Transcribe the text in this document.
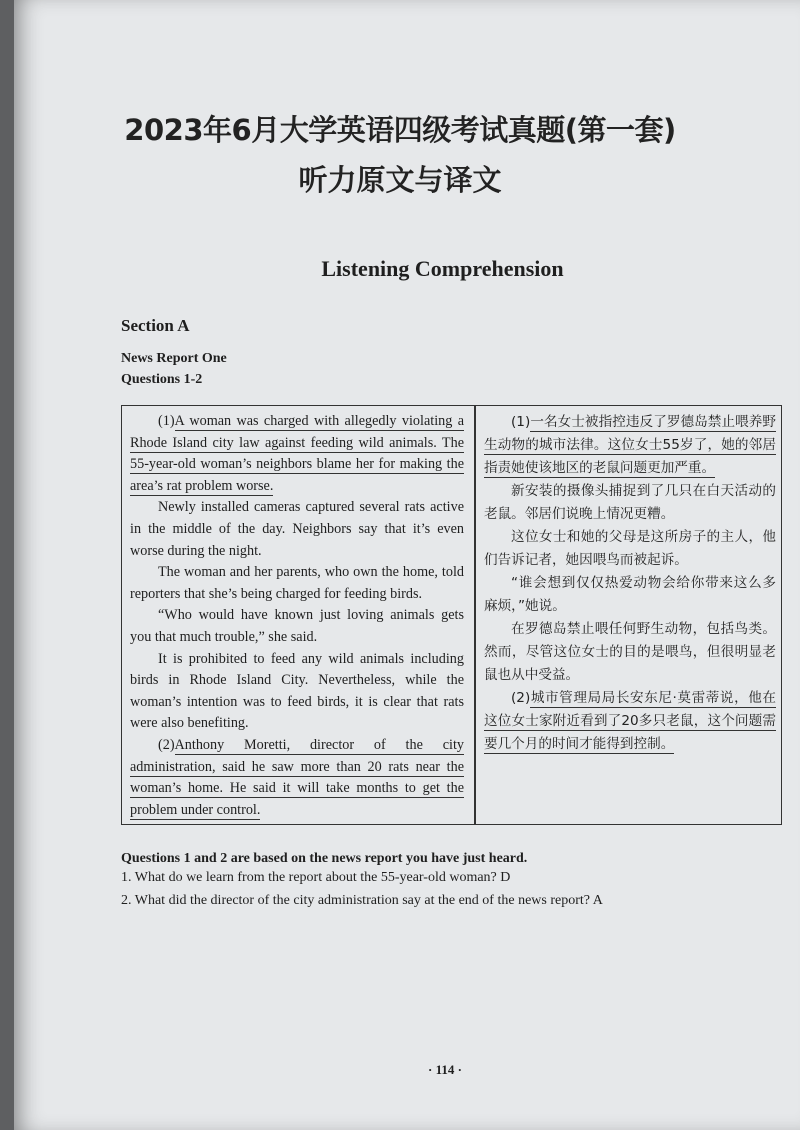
2023年6月大学英语四级考试真题(第一套)
听力原文与译文
Listening Comprehension
Section A
News Report One
Questions 1-2

(1)A woman was charged with allegedly violating a Rhode Island city law against feeding wild animals. The 55-year-old woman’s neighbors blame her for making the area’s rat problem worse.

Newly installed cameras captured several rats active in the middle of the day. Neighbors say that it’s even worse during the night.

The woman and her parents, who own the home, told reporters that she’s being charged for feeding birds.

“Who would have known just loving animals gets you that much trouble,” she said.

It is prohibited to feed any wild animals including birds in Rhode Island City. Nevertheless, while the woman’s intention was to feed birds, it is clear that rats were also benefiting.

(2)Anthony Moretti, director of the city administration, said he saw more than 20 rats near the woman’s home. He said it will take months to get the problem under control.

(1)一名女士被指控违反了罗德岛禁止喂养野生动物的城市法律。这位女士55岁了，她的邻居指责她使该地区的老鼠问题更加严重。

新安装的摄像头捕捉到了几只在白天活动的老鼠。邻居们说晚上情况更糟。

这位女士和她的父母是这所房子的主人，他们告诉记者，她因喂鸟而被起诉。

“谁会想到仅仅热爱动物会给你带来这么多麻烦，”她说。

在罗德岛禁止喂任何野生动物，包括鸟类。然而，尽管这位女士的目的是喂鸟，但很明显老鼠也从中受益。

(2)城市管理局局长安东尼·莫雷蒂说，他在这位女士家附近看到了20多只老鼠，这个问题需要几个月的时间才能得到控制。

Questions 1 and 2 are based on the news report you have just heard.
1. What do we learn from the report about the 55-year-old woman? D
2. What did the director of the city administration say at the end of the news report? A
· 114 ·
